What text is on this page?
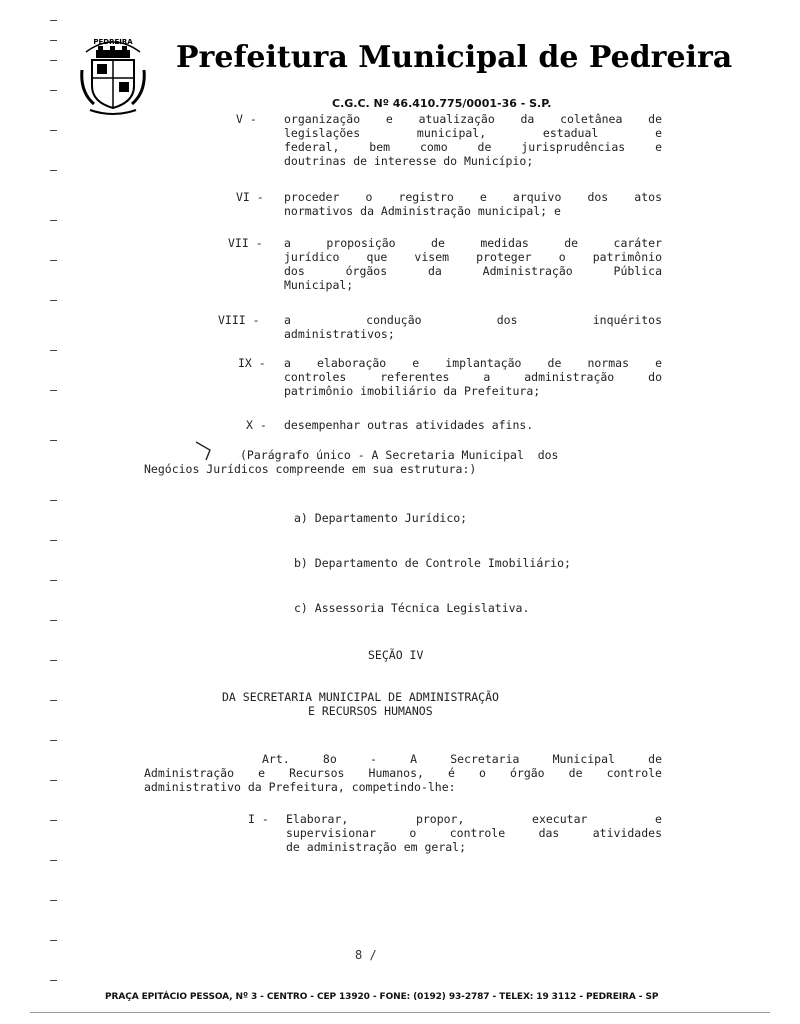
PEDREIRA Prefeitura Municipal de Pedreira
C.G.C. Nº 46.410.775/0001-36 - S.P.
V - organização e atualização da coletânea de
legislações municipal, estadual e
federal, bem como de jurisprudências e
doutrinas de interesse do Município;
VI - proceder o registro e arquivo dos atos
normativos da Administração municipal; e
VII - a proposição de medidas de caráter
jurídico que visem proteger o patrimônio
dos órgãos da Administração Pública
Municipal;
VIII - a condução dos inquéritos
administrativos;
IX - a elaboração e implantação de normas e
controles referentes a administração do
patrimônio imobiliário da Prefeitura;
X - desempenhar outras atividades afins.
(Parágrafo único - A Secretaria Municipal  dos
Negócios Jurídicos compreende em sua estrutura:)
a) Departamento Jurídico;
b) Departamento de Controle Imobiliário;
c) Assessoria Técnica Legislativa.
SEÇÃO IV
DA SECRETARIA MUNICIPAL DE ADMINISTRAÇÃO
E RECURSOS HUMANOS
Art. 8o - A Secretaria Municipal de
Administração e Recursos Humanos, é o órgão de controle
administrativo da Prefeitura, competindo-lhe:
I - Elaborar, propor, executar e
supervisionar o controle das atividades
de administração em geral;
8 /
PRAÇA EPITÁCIO PESSOA, Nº 3 - CENTRO - CEP 13920 - FONE: (0192) 93-2787 - TELEX: 19 3112 - PEDREIRA - SP
